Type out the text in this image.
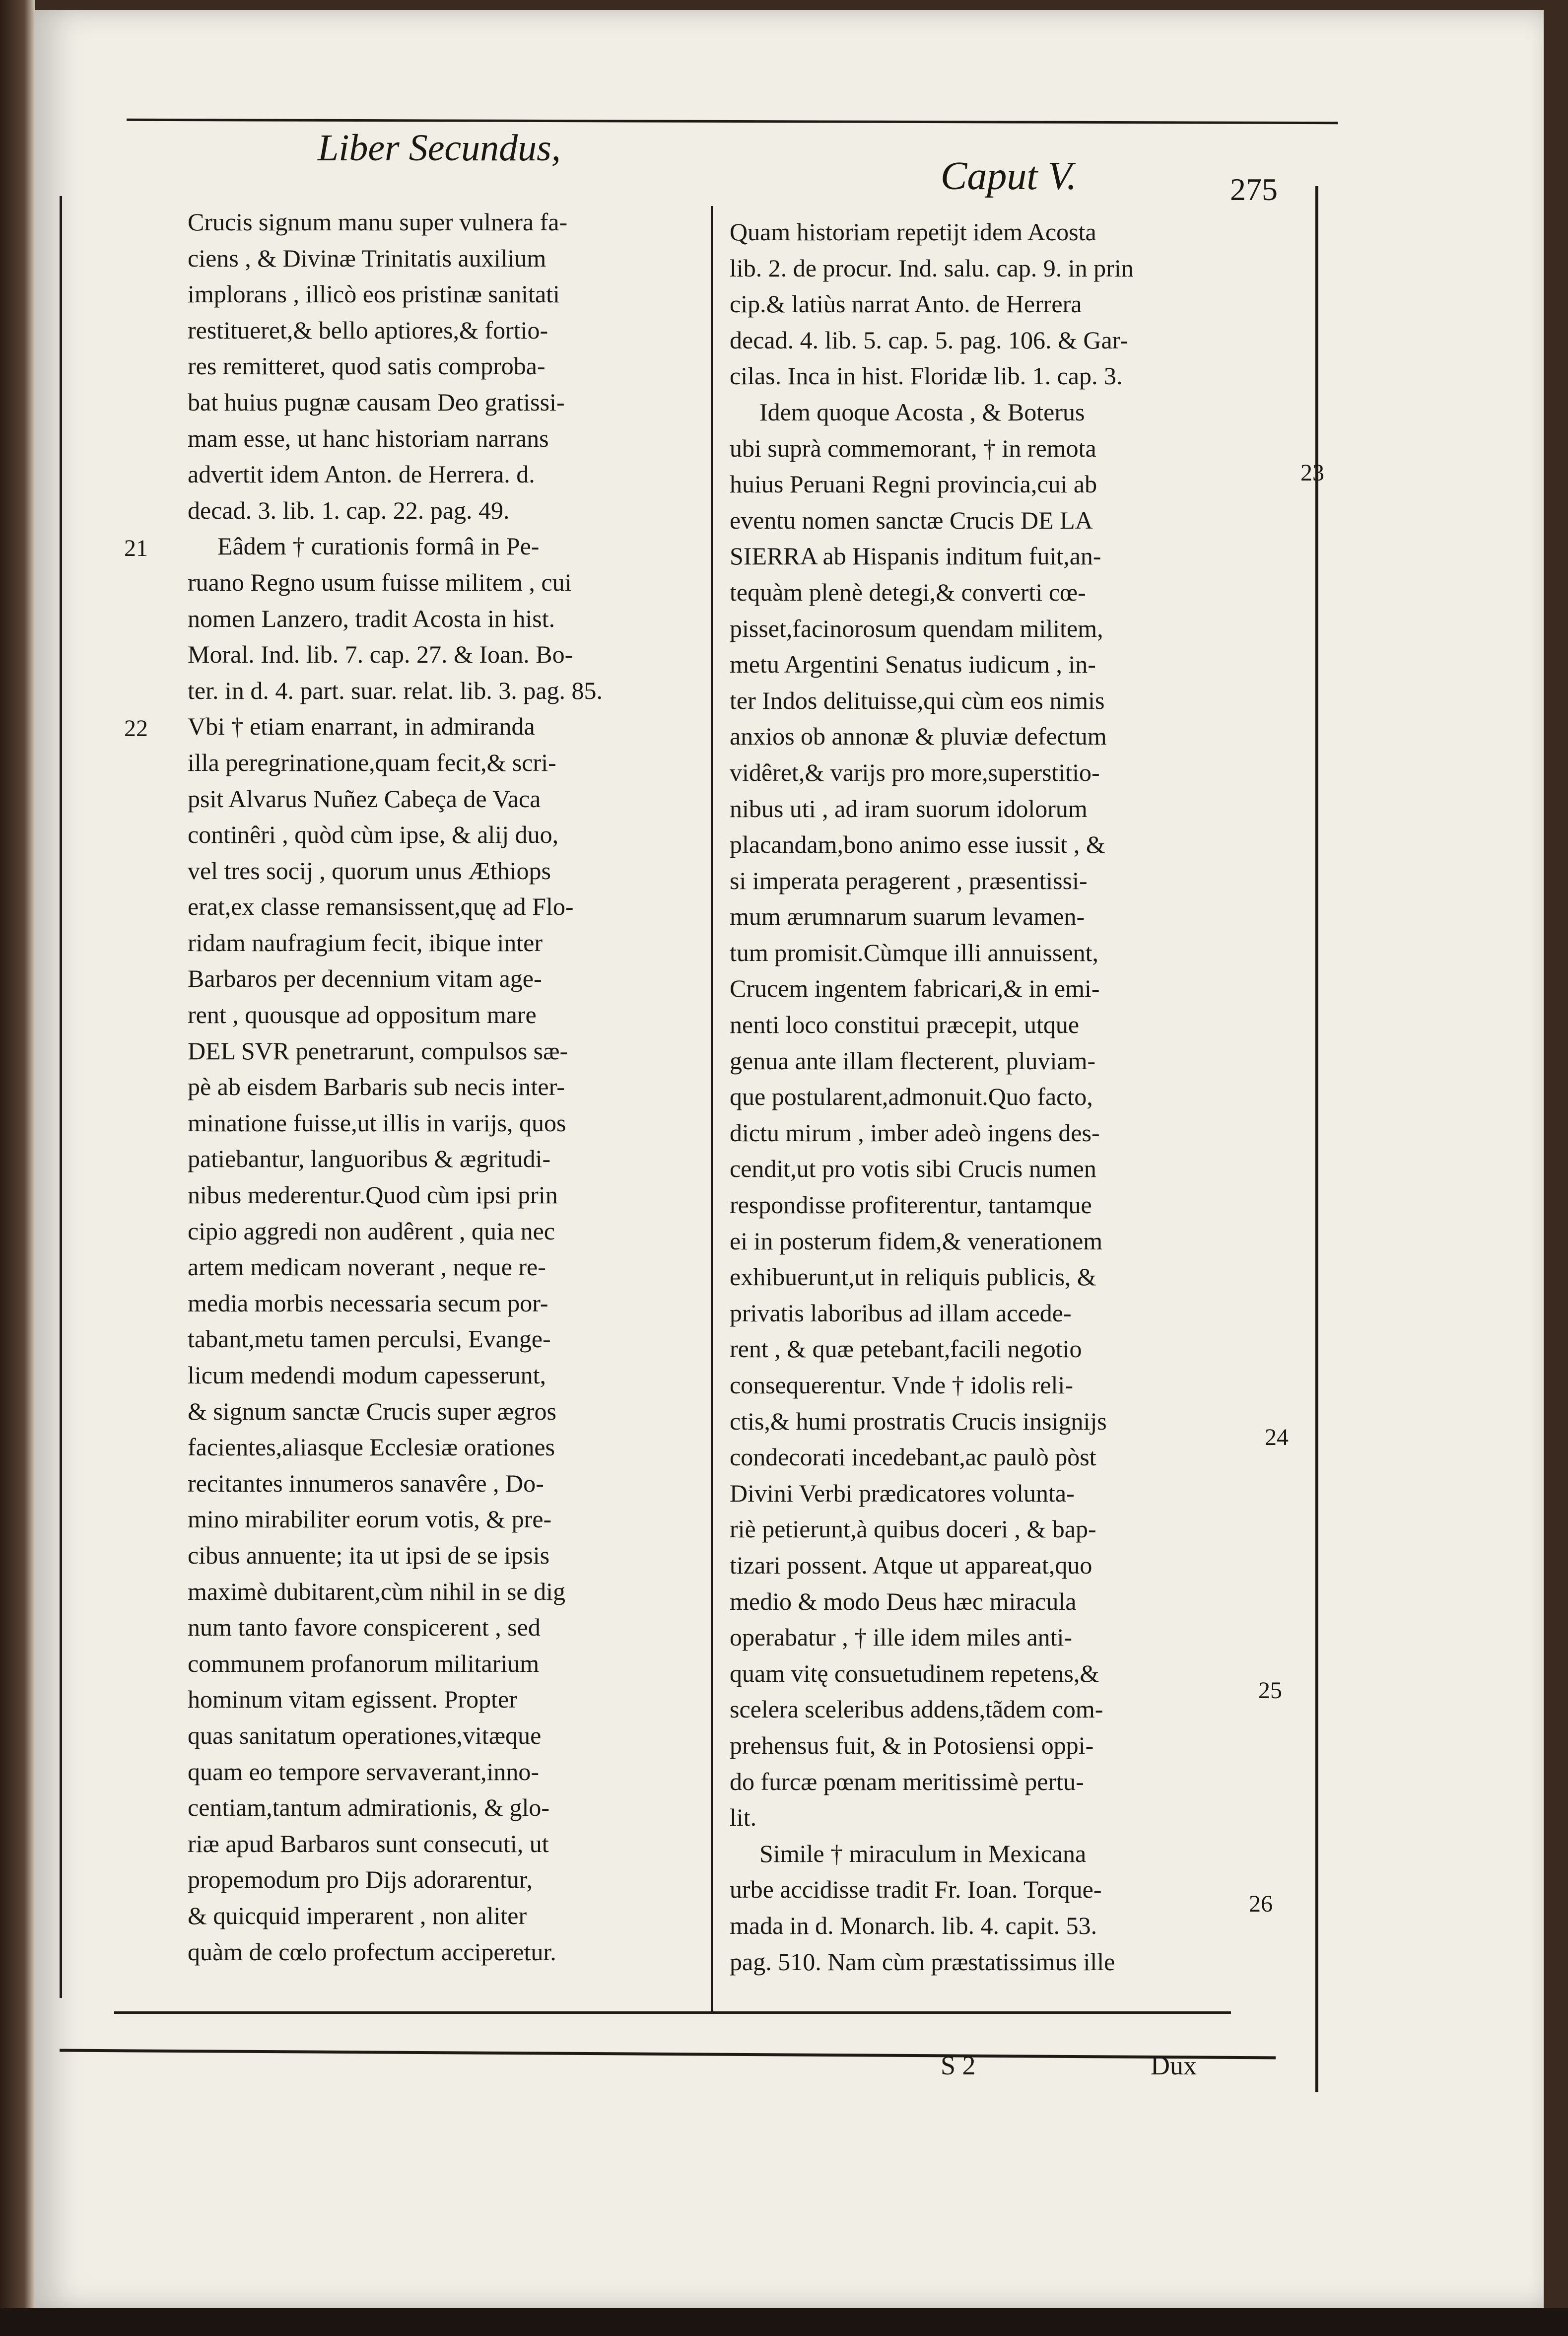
Liber Secundus,
Caput V.	275
Crucis signum manu super vulnera fa-
ciens , & Divinæ Trinitatis auxilium
implorans , illicò eos pristinæ sanitati
restitueret,& bello aptiores,& fortio-
res remitteret, quod satis comproba-
bat huius pugnæ causam Deo gratissi-
mam esse, ut hanc historiam narrans
advertit idem Anton. de Herrera. d.
decad. 3. lib. 1. cap. 22. pag. 49.
Eâdem † curationis formâ in Pe-
ruano Regno usum fuisse militem , cui
nomen Lanzero, tradit Acosta in hist.
Moral. Ind. lib. 7. cap. 27. & Ioan. Bo-
ter. in d. 4. part. suar. relat. lib. 3. pag. 85.
Vbi † etiam enarrant, in admiranda
illa peregrinatione,quam fecit,& scri-
psit Alvarus Nuñez Cabeça de Vaca
continêri , quòd cùm ipse, & alij duo,
vel tres socij , quorum unus Æthiops
erat,ex classe remansissent,quę ad Flo-
ridam naufragium fecit, ibique inter
Barbaros per decennium vitam age-
rent , quousque ad oppositum mare
DEL SVR penetrarunt, compulsos sæ-
pè ab eisdem Barbaris sub necis inter-
minatione fuisse,ut illis in varijs, quos
patiebantur, languoribus & ægritudi-
nibus mederentur.Quod cùm ipsi prin
cipio aggredi non audêrent , quia nec
artem medicam noverant , neque re-
media morbis necessaria secum por-
tabant,metu tamen perculsi, Evange-
licum medendi modum capesserunt,
& signum sanctæ Crucis super ægros
facientes,aliasque Ecclesiæ orationes
recitantes innumeros sanavêre , Do-
mino mirabiliter eorum votis, & pre-
cibus annuente; ita ut ipsi de se ipsis
maximè dubitarent,cùm nihil in se dig
num tanto favore conspicerent , sed
communem profanorum militarium
hominum vitam egissent. Propter
quas sanitatum operationes,vitæque
quam eo tempore servaverant,inno-
centiam,tantum admirationis, & glo-
riæ apud Barbaros sunt consecuti, ut
propemodum pro Dijs adorarentur,
& quicquid imperarent , non aliter
quàm de cœlo profectum acciperetur.
Quam historiam repetijt idem Acosta
lib. 2. de procur. Ind. salu. cap. 9. in prin
cip.& latiùs narrat Anto. de Herrera
decad. 4. lib. 5. cap. 5. pag. 106. & Gar-
cilas. Inca in hist. Floridæ lib. 1. cap. 3.
Idem quoque Acosta , & Boterus
ubi suprà commemorant, † in remota
huius Peruani Regni provincia,cui ab
eventu nomen sanctæ Crucis DE LA
SIERRA ab Hispanis inditum fuit,an-
tequàm plenè detegi,& converti cœ-
pisset,facinorosum quendam militem,
metu Argentini Senatus iudicum , in-
ter Indos delituisse,qui cùm eos nimis
anxios ob annonæ & pluviæ defectum
vidêret,& varijs pro more,superstitio-
nibus uti , ad iram suorum idolorum
placandam,bono animo esse iussit , &
si imperata peragerent , præsentissi-
mum ærumnarum suarum levamen-
tum promisit.Cùmque illi annuissent,
Crucem ingentem fabricari,& in emi-
nenti loco constitui præcepit, utque
genua ante illam flecterent, pluviam-
que postularent,admonuit.Quo facto,
dictu mirum , imber adeò ingens des-
cendit,ut pro votis sibi Crucis numen
respondisse profiterentur, tantamque
ei in posterum fidem,& venerationem
exhibuerunt,ut in reliquis publicis, &
privatis laboribus ad illam accede-
rent , & quæ petebant,facili negotio
consequerentur. Vnde † idolis reli-
ctis,& humi prostratis Crucis insignijs
condecorati incedebant,ac paulò pòst
Divini Verbi prædicatores volunta-
riè petierunt,à quibus doceri , & bap-
tizari possent. Atque ut appareat,quo
medio & modo Deus hæc miracula
operabatur , † ille idem miles anti-
quam vitę consuetudinem repetens,&
scelera sceleribus addens,tãdem com-
prehensus fuit, & in Potosiensi oppi-
do furcæ pœnam meritissimè pertu-
lit.
Simile † miraculum in Mexicana
urbe accidisse tradit Fr. Ioan. Torque-
mada in d. Monarch. lib. 4. capit. 53.
pag. 510. Nam cùm præstatissimus ille
21
22
23
24
25
26
S 2	Dux
